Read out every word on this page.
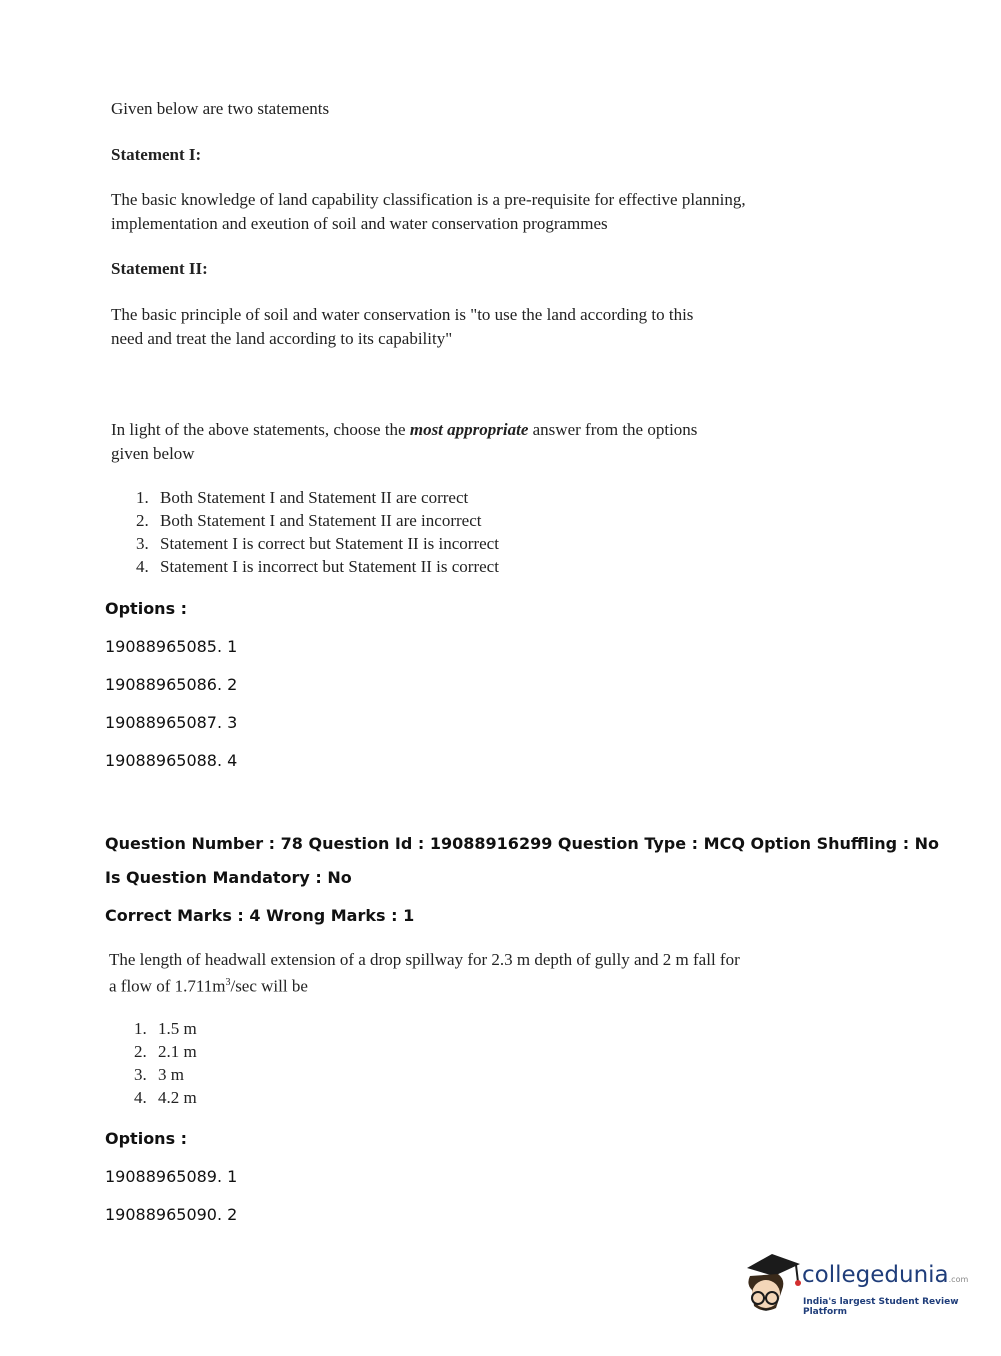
Given below are two statements
Statement I:
The basic knowledge of land capability classification is a pre-requisite for effective planning, implementation and exeution of soil and water conservation programmes
Statement II:
The basic principle of soil and water conservation is "to use the land according to this need and treat the land according to its capability"
In light of the above statements, choose the most appropriate answer from the options given below
1. Both Statement I and Statement II are correct
2. Both Statement I and Statement II are incorrect
3. Statement I is correct but Statement II is incorrect
4. Statement I is incorrect but Statement II is correct
Options :
19088965085. 1
19088965086. 2
19088965087. 3
19088965088. 4
Question Number : 78 Question Id : 19088916299 Question Type : MCQ Option Shuffling : No
Is Question Mandatory : No
Correct Marks : 4 Wrong Marks : 1
The length of headwall extension of a drop spillway for 2.3 m depth of gully and 2 m fall for
a flow of $1.711m^3/\sec$ will be
1. 1.5 m
2. 2.1 m
3. 3 m
4. 4.2 m
Options :
19088965089. 1
19088965090. 2
collegedunia.com
India's largest Student Review Platform
